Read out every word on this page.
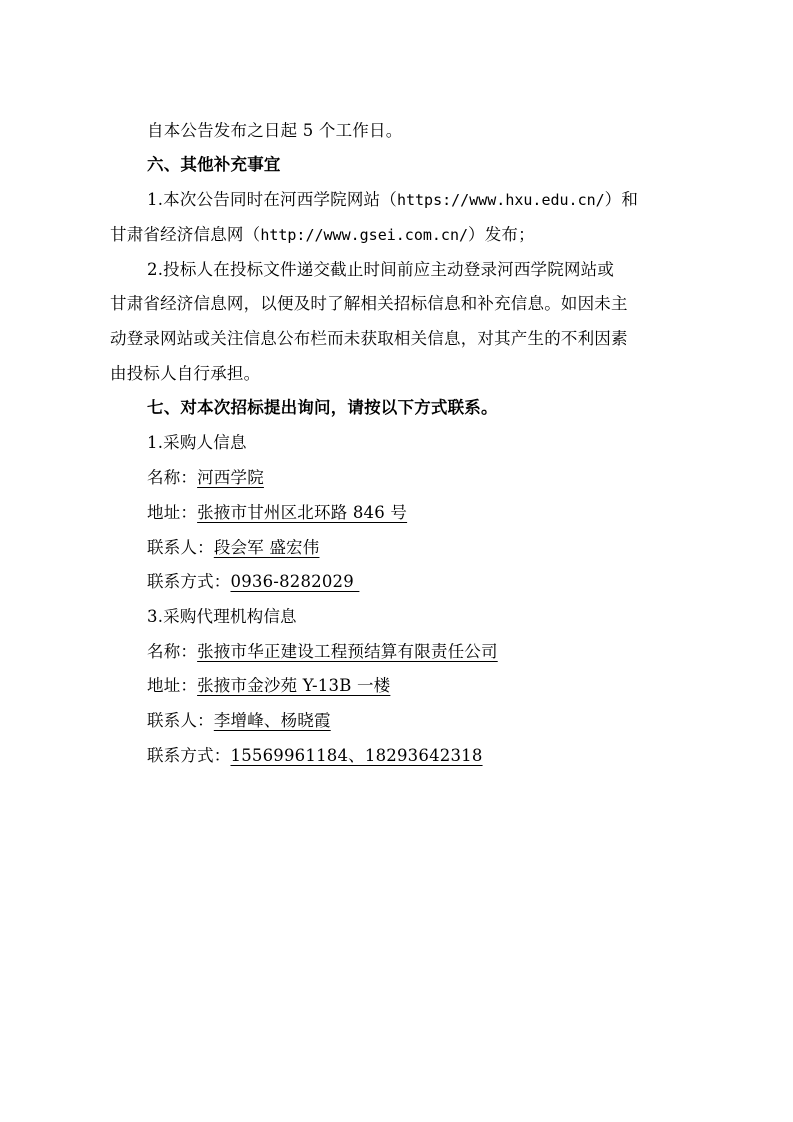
自本公告发布之日起 5 个工作日。
六、其他补充事宜
1.本次公告同时在河西学院网站（https://www.hxu.edu.cn/）和
甘肃省经济信息网（http://www.gsei.com.cn/）发布；
2.投标人在投标文件递交截止时间前应主动登录河西学院网站或
甘肃省经济信息网，以便及时了解相关招标信息和补充信息。如因未主
动登录网站或关注信息公布栏而未获取相关信息，对其产生的不利因素
由投标人自行承担。
七、对本次招标提出询问，请按以下方式联系。
1.采购人信息
名称：河西学院
地址：张掖市甘州区北环路 846 号
联系人：段会军 盛宏伟
联系方式：0936-8282029
3.采购代理机构信息
名称：张掖市华正建设工程预结算有限责任公司
地址：张掖市金沙苑 Y-13B 一楼
联系人：李增峰、杨晓霞
联系方式：15569961184、18293642318
